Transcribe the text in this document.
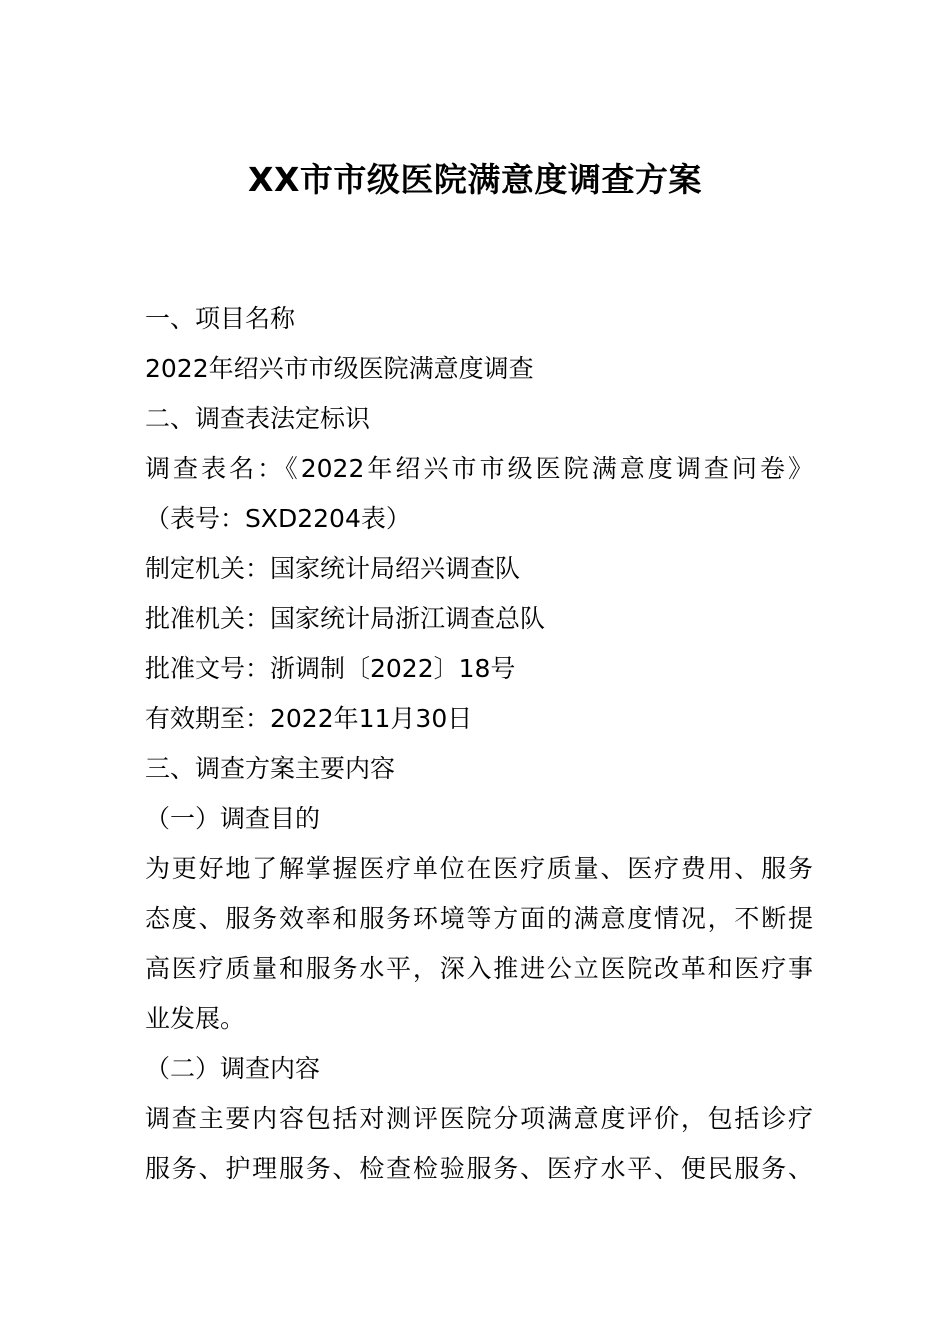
XX市市级医院满意度调查方案
一、项目名称
2022年绍兴市市级医院满意度调查
二、调查表法定标识
调查表名：《2022年绍兴市市级医院满意度调查问卷》
（表号：SXD2204表）
制定机关：国家统计局绍兴调查队
批准机关：国家统计局浙江调查总队
批准文号：浙调制〔2022〕18号
有效期至：2022年11月30日
三、调查方案主要内容
（一）调查目的
为更好地了解掌握医疗单位在医疗质量、医疗费用、服务
态度、服务效率和服务环境等方面的满意度情况，不断提
高医疗质量和服务水平，深入推进公立医院改革和医疗事
业发展。
（二）调查内容
调查主要内容包括对测评医院分项满意度评价，包括诊疗
服务、护理服务、检查检验服务、医疗水平、便民服务、
